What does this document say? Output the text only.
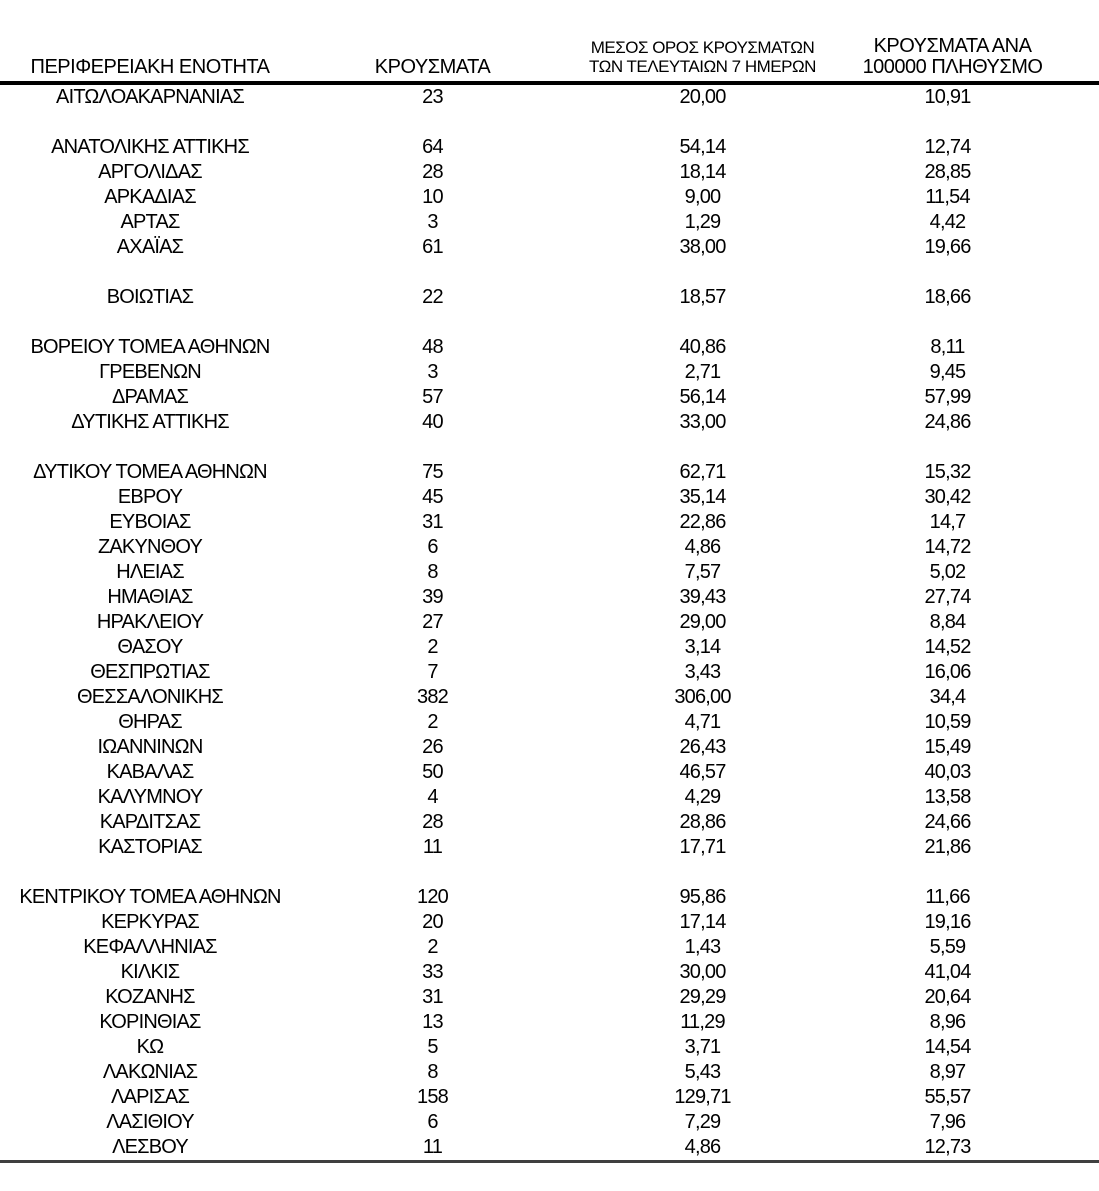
ΠΕΡΙΦΕΡΕΙΑΚΗ ΕΝΟΤΗΤΑ	ΚΡΟΥΣΜΑΤΑ	ΜΕΣΟΣ ΟΡΟΣ ΚΡΟΥΣΜΑΤΩΝ ΤΩΝ ΤΕΛΕΥΤΑΙΩΝ 7 ΗΜΕΡΩΝ	ΚΡΟΥΣΜΑΤΑ ΑΝΑ 100000 ΠΛΗΘΥΣΜΟ
ΑΙΤΩΛΟΑΚΑΡΝΑΝΙΑΣ	23	20,00	10,91

ΑΝΑΤΟΛΙΚΗΣ ΑΤΤΙΚΗΣ	64	54,14	12,74
ΑΡΓΟΛΙΔΑΣ	28	18,14	28,85
ΑΡΚΑΔΙΑΣ	10	9,00	11,54
ΑΡΤΑΣ	3	1,29	4,42
ΑΧΑΪΑΣ	61	38,00	19,66

ΒΟΙΩΤΙΑΣ	22	18,57	18,66

ΒΟΡΕΙΟΥ ΤΟΜΕΑ ΑΘΗΝΩΝ	48	40,86	8,11
ΓΡΕΒΕΝΩΝ	3	2,71	9,45
ΔΡΑΜΑΣ	57	56,14	57,99
ΔΥΤΙΚΗΣ ΑΤΤΙΚΗΣ	40	33,00	24,86

ΔΥΤΙΚΟΥ ΤΟΜΕΑ ΑΘΗΝΩΝ	75	62,71	15,32
ΕΒΡΟΥ	45	35,14	30,42
ΕΥΒΟΙΑΣ	31	22,86	14,7
ΖΑΚΥΝΘΟΥ	6	4,86	14,72
ΗΛΕΙΑΣ	8	7,57	5,02
ΗΜΑΘΙΑΣ	39	39,43	27,74
ΗΡΑΚΛΕΙΟΥ	27	29,00	8,84
ΘΑΣΟΥ	2	3,14	14,52
ΘΕΣΠΡΩΤΙΑΣ	7	3,43	16,06
ΘΕΣΣΑΛΟΝΙΚΗΣ	382	306,00	34,4
ΘΗΡΑΣ	2	4,71	10,59
ΙΩΑΝΝΙΝΩΝ	26	26,43	15,49
ΚΑΒΑΛΑΣ	50	46,57	40,03
ΚΑΛΥΜΝΟΥ	4	4,29	13,58
ΚΑΡΔΙΤΣΑΣ	28	28,86	24,66
ΚΑΣΤΟΡΙΑΣ	11	17,71	21,86

ΚΕΝΤΡΙΚΟΥ ΤΟΜΕΑ ΑΘΗΝΩΝ	120	95,86	11,66
ΚΕΡΚΥΡΑΣ	20	17,14	19,16
ΚΕΦΑΛΛΗΝΙΑΣ	2	1,43	5,59
ΚΙΛΚΙΣ	33	30,00	41,04
ΚΟΖΑΝΗΣ	31	29,29	20,64
ΚΟΡΙΝΘΙΑΣ	13	11,29	8,96
ΚΩ	5	3,71	14,54
ΛΑΚΩΝΙΑΣ	8	5,43	8,97
ΛΑΡΙΣΑΣ	158	129,71	55,57
ΛΑΣΙΘΙΟΥ	6	7,29	7,96
ΛΕΣΒΟΥ	11	4,86	12,73
